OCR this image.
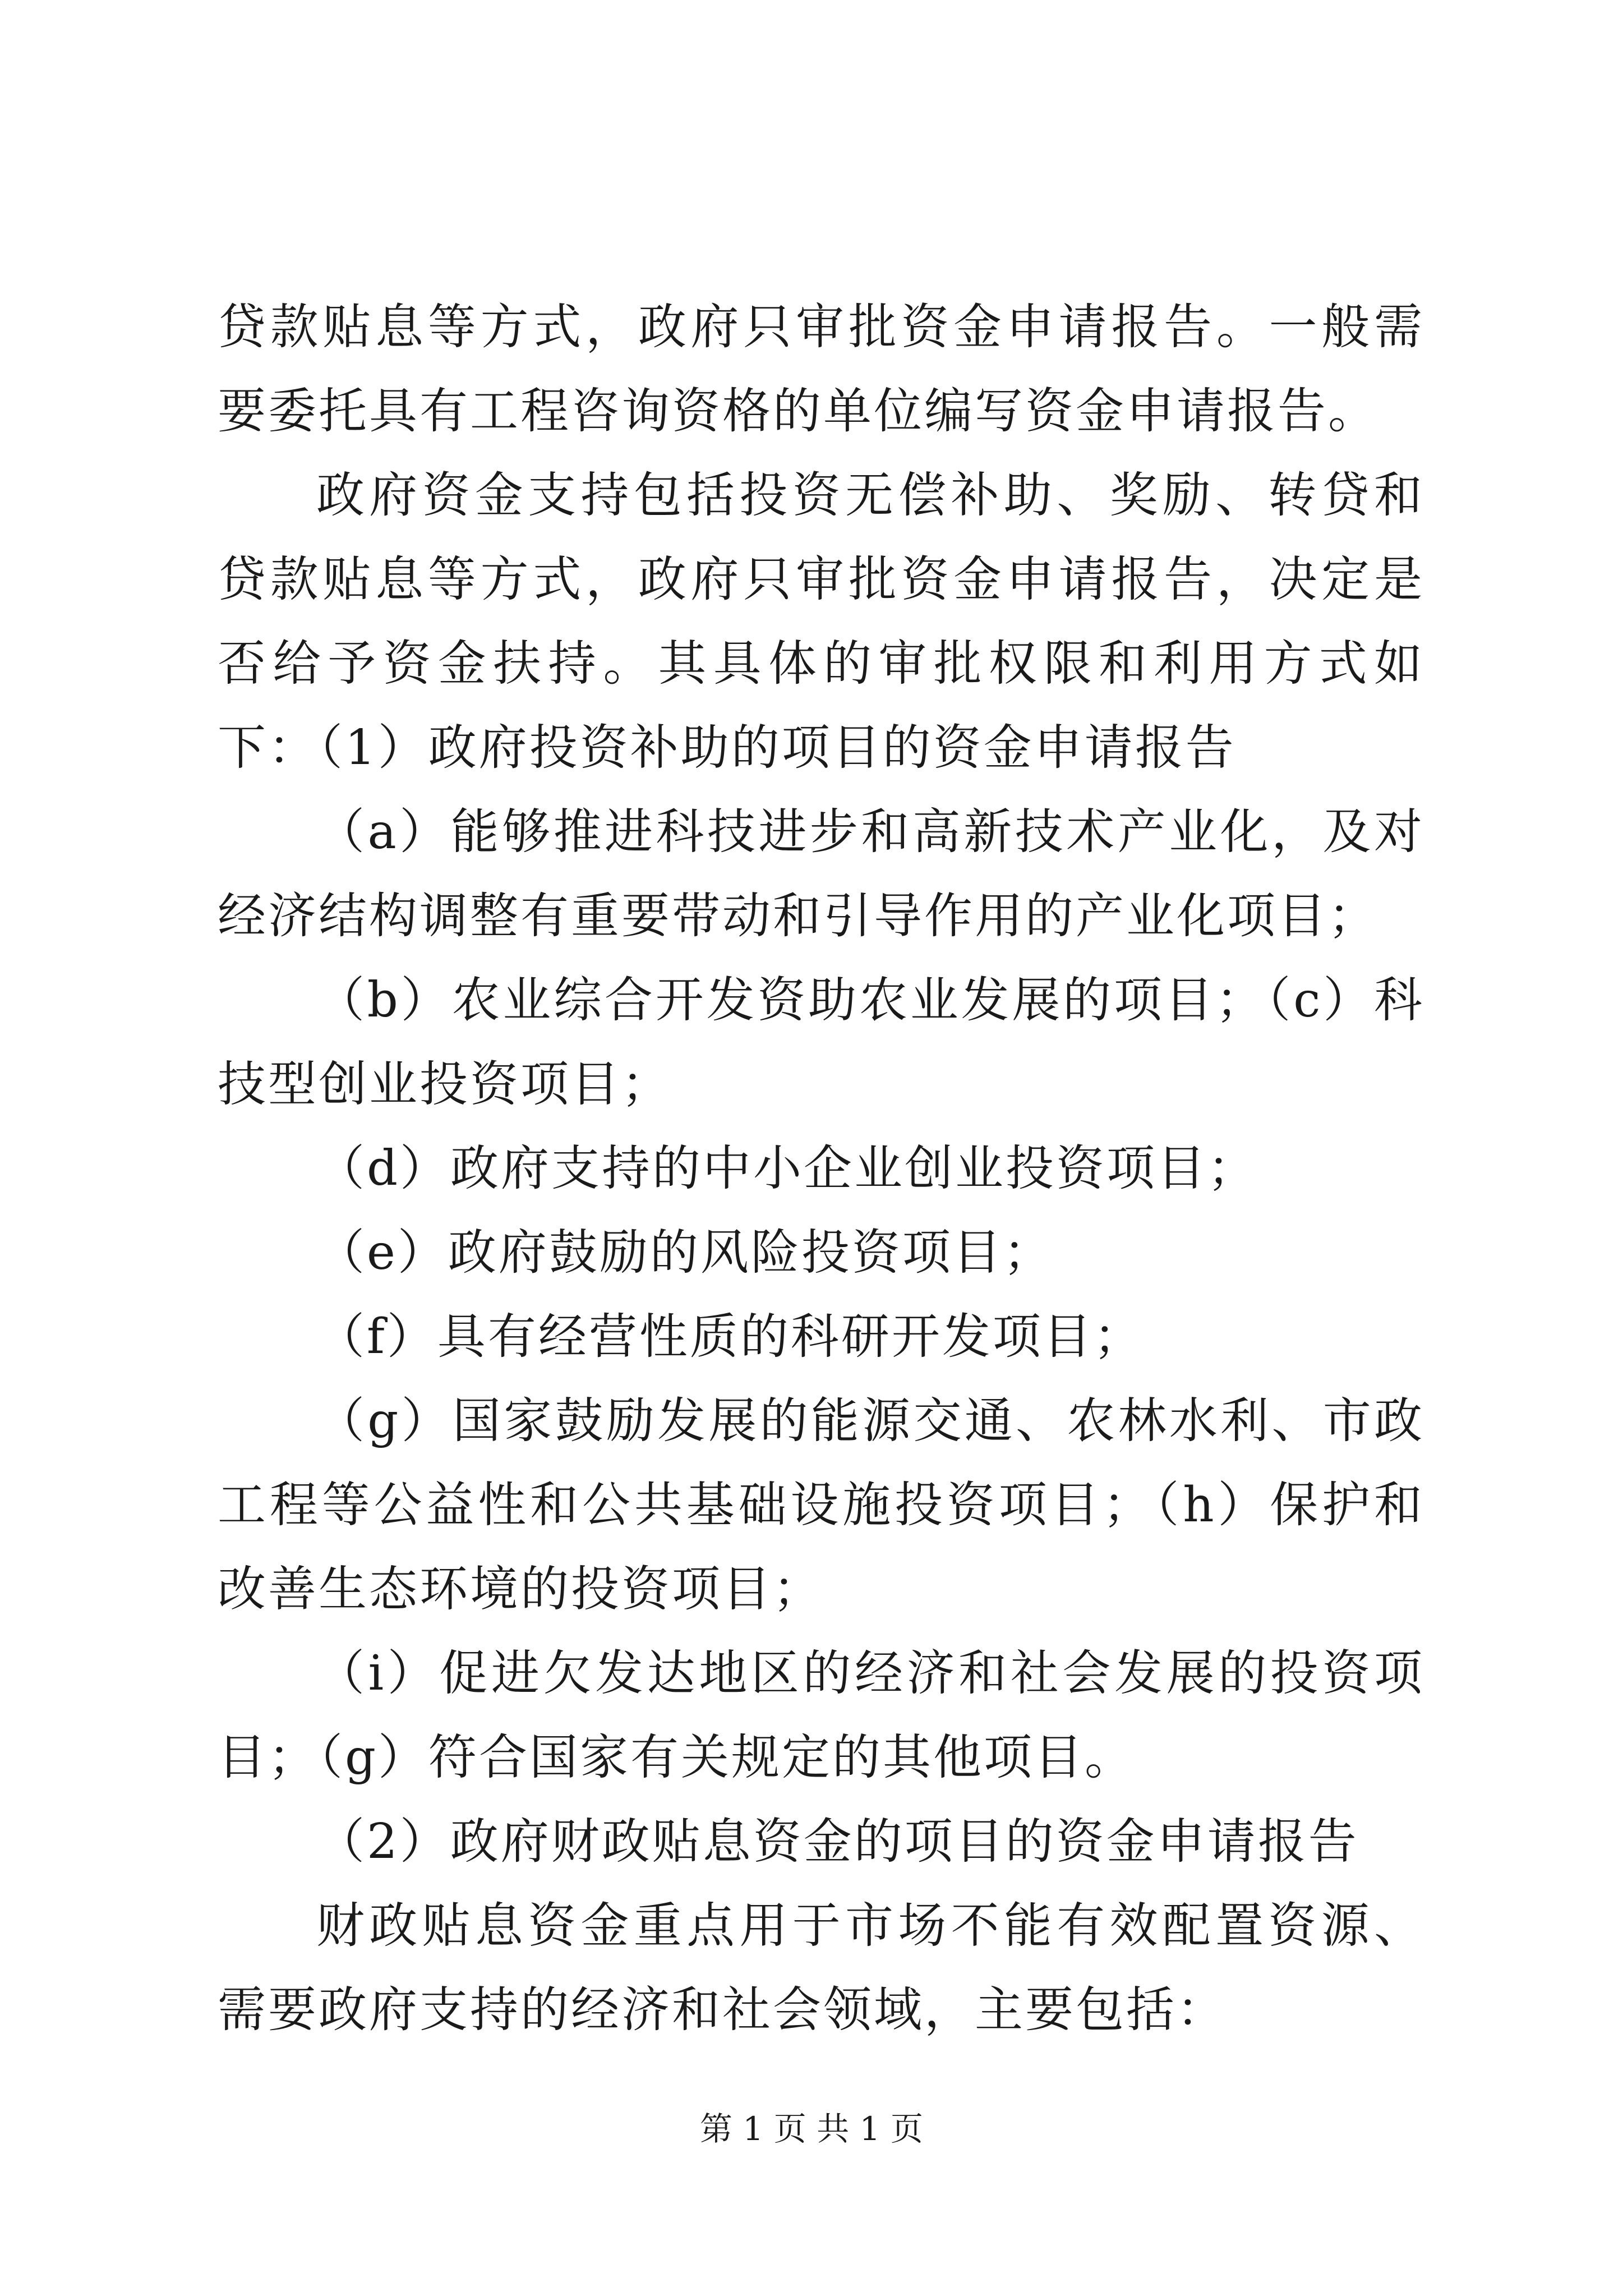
贷款贴息等方式，政府只审批资金申请报告。一般需要委托具有工程咨询资格的单位编写资金申请报告。

政府资金支持包括投资无偿补助、奖励、转贷和贷款贴息等方式，政府只审批资金申请报告，决定是否给予资金扶持。其具体的审批权限和利用方式如下：（1）政府投资补助的项目的资金申请报告

（a）能够推进科技进步和高新技术产业化，及对经济结构调整有重要带动和引导作用的产业化项目；

（b）农业综合开发资助农业发展的项目；（c）科技型创业投资项目；

（d）政府支持的中小企业创业投资项目；

（e）政府鼓励的风险投资项目；

（f）具有经营性质的科研开发项目；

（g）国家鼓励发展的能源交通、农林水利、市政工程等公益性和公共基础设施投资项目；（h）保护和改善生态环境的投资项目；

（i）促进欠发达地区的经济和社会发展的投资项目；（g）符合国家有关规定的其他项目。

（2）政府财政贴息资金的项目的资金申请报告

财政贴息资金重点用于市场不能有效配置资源、需要政府支持的经济和社会领域，主要包括：

第 1 页 共 1 页
